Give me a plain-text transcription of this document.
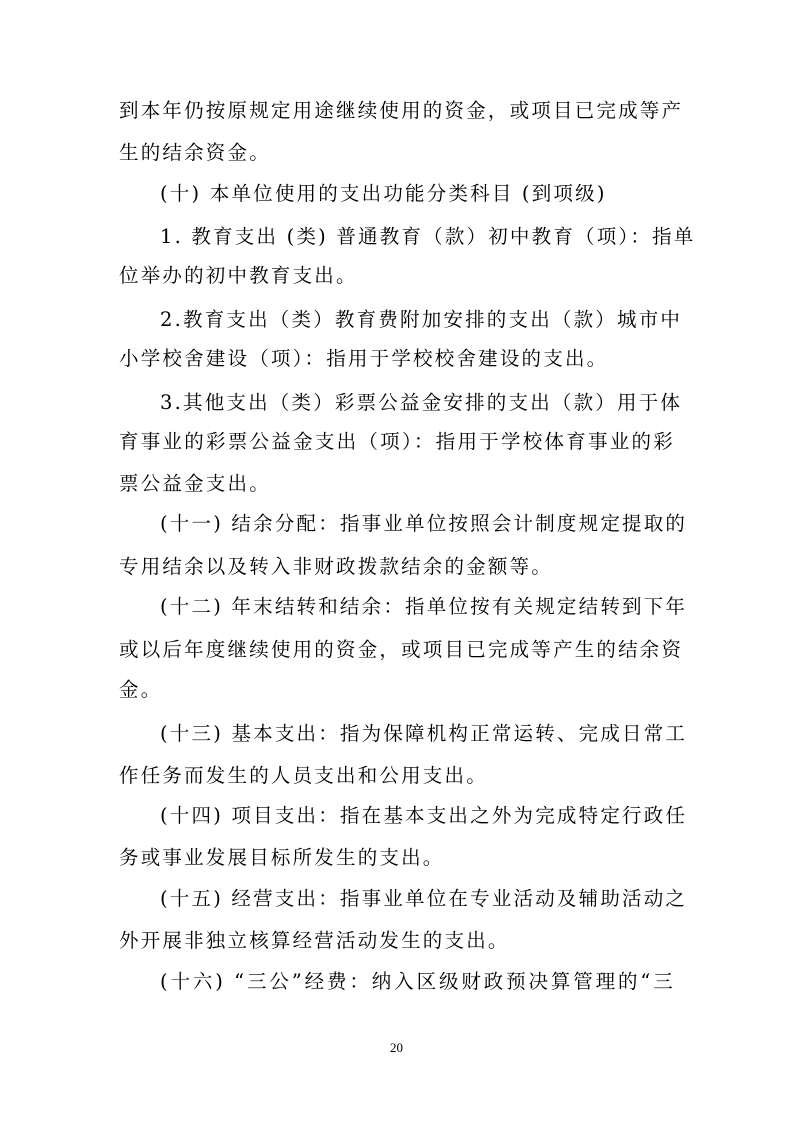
到本年仍按原规定用途继续使用的资金，或项目已完成等产
生的结余资金。
(十) 本单位使用的支出功能分类科目 (到项级)
1. 教育支出 (类) 普通教育（款）初中教育（项）：指单
位举办的初中教育支出。
2.教育支出（类）教育费附加安排的支出（款）城市中
小学校舍建设（项）：指用于学校校舍建设的支出。
3.其他支出（类）彩票公益金安排的支出（款）用于体
育事业的彩票公益金支出（项）：指用于学校体育事业的彩
票公益金支出。
(十一) 结余分配：指事业单位按照会计制度规定提取的
专用结余以及转入非财政拨款结余的金额等。
(十二) 年末结转和结余：指单位按有关规定结转到下年
或以后年度继续使用的资金，或项目已完成等产生的结余资
金。
(十三) 基本支出：指为保障机构正常运转、完成日常工
作任务而发生的人员支出和公用支出。
(十四) 项目支出：指在基本支出之外为完成特定行政任
务或事业发展目标所发生的支出。
(十五) 经营支出：指事业单位在专业活动及辅助活动之
外开展非独立核算经营活动发生的支出。
(十六) “三公”经费：纳入区级财政预决算管理的“三
20
